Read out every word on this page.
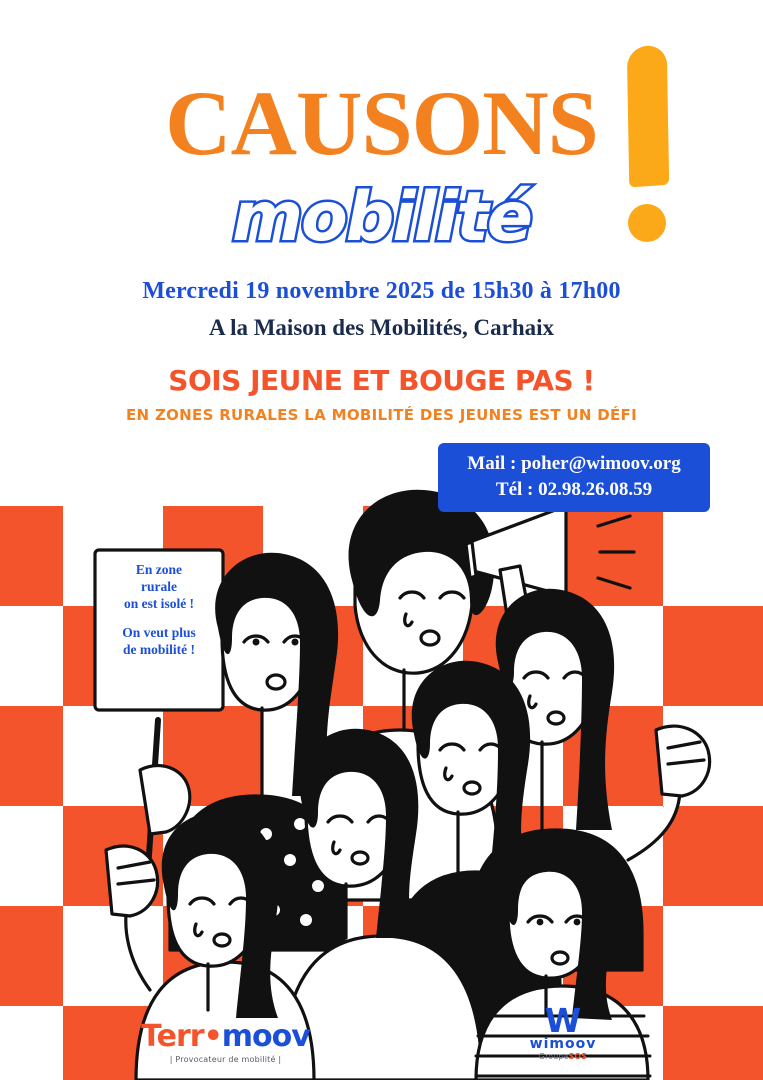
CAUSONS
mobilité
Mercredi 19 novembre 2025 de 15h30 à 17h00
A la Maison des Mobilités, Carhaix
SOIS JEUNE ET BOUGE PAS !
EN ZONES RURALES LA MOBILITÉ DES JEUNES EST UN DÉFI
Mail : poher@wimoov.org
Tél : 02.98.26.08.59
En zone
rurale
on est isolé !
On veut plus
de mobilité !
Terr•moov
| Provocateur de mobilité |
W
wimoov
GroupeSOS
